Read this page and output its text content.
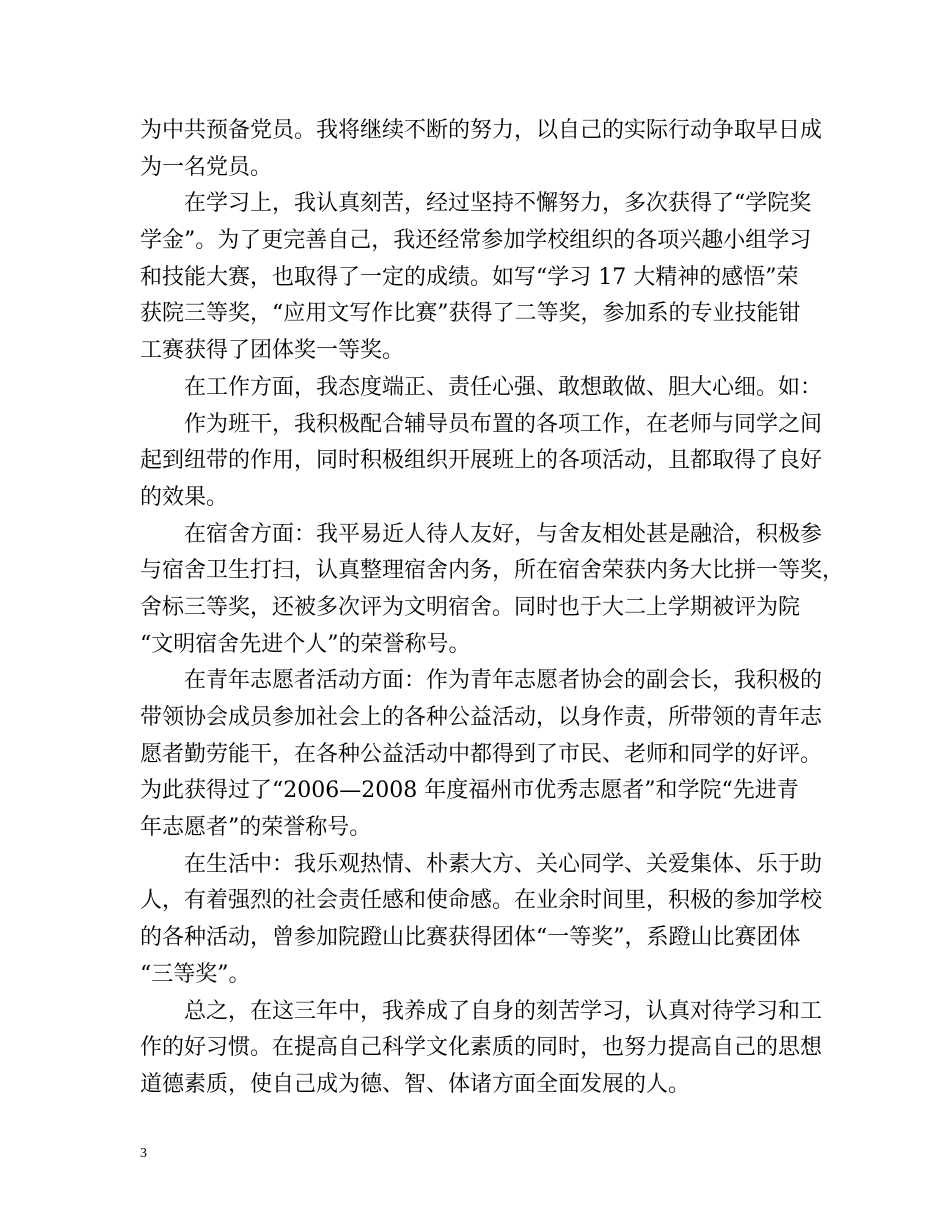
为中共预备党员。我将继续不断的努力，以自己的实际行动争取早日成
为一名党员。
在学习上，我认真刻苦，经过坚持不懈努力，多次获得了“学院奖
学金”。为了更完善自己，我还经常参加学校组织的各项兴趣小组学习
和技能大赛，也取得了一定的成绩。如写“学习 17 大精神的感悟”荣
获院三等奖，“应用文写作比赛”获得了二等奖，参加系的专业技能钳
工赛获得了团体奖一等奖。
在工作方面，我态度端正、责任心强、敢想敢做、胆大心细。如：
作为班干，我积极配合辅导员布置的各项工作，在老师与同学之间
起到纽带的作用，同时积极组织开展班上的各项活动，且都取得了良好
的效果。
在宿舍方面：我平易近人待人友好，与舍友相处甚是融洽，积极参
与宿舍卫生打扫，认真整理宿舍内务，所在宿舍荣获内务大比拼一等奖，
舍标三等奖，还被多次评为文明宿舍。同时也于大二上学期被评为院
“文明宿舍先进个人”的荣誉称号。
在青年志愿者活动方面：作为青年志愿者协会的副会长，我积极的
带领协会成员参加社会上的各种公益活动，以身作责，所带领的青年志
愿者勤劳能干，在各种公益活动中都得到了市民、老师和同学的好评。
为此获得过了“2006—2008 年度福州市优秀志愿者”和学院“先进青
年志愿者”的荣誉称号。
在生活中：我乐观热情、朴素大方、关心同学、关爱集体、乐于助
人，有着强烈的社会责任感和使命感。在业余时间里，积极的参加学校
的各种活动，曾参加院蹬山比赛获得团体“一等奖”，系蹬山比赛团体
“三等奖”。
总之，在这三年中，我养成了自身的刻苦学习，认真对待学习和工
作的好习惯。在提高自己科学文化素质的同时，也努力提高自己的思想
道德素质，使自己成为德、智、体诸方面全面发展的人。
3
